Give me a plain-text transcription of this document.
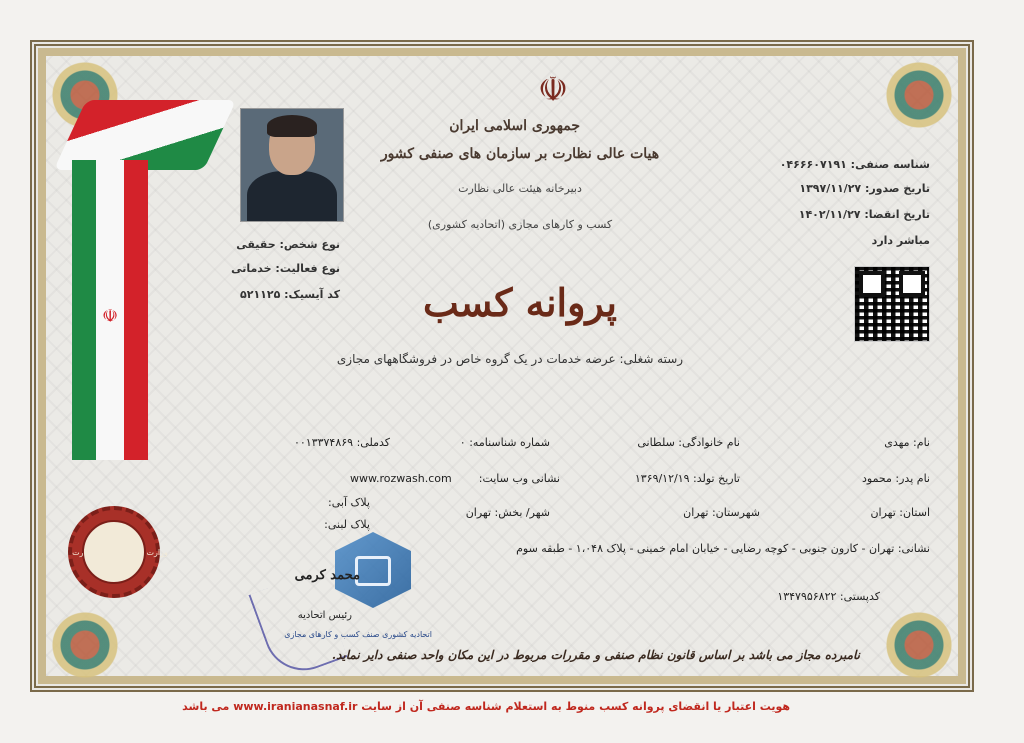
☫
☫
جمهوری اسلامی ایران
هیات عالی نظارت بر سازمان های صنفی کشور
دبیرخانه هیئت عالی نظارت
کسب و کارهای مجازی (اتحادیه کشوری)
پروانه کسب
رسته شغلی: عرضه خدمات در یک گروه خاص در فروشگاههای مجازی
نوع شخص: حقیقی
نوع فعالیت: خدماتی
کد آیسیک: ۵۲۱۱۲۵
شناسه صنفی: ۰۴۶۶۶۰۷۱۹۱
تاریخ صدور: ۱۳۹۷/۱۱/۲۷
تاریخ انقضا: ۱۴۰۲/۱۱/۲۷
مباشر دارد
نام: مهدی
نام خانوادگی: سلطانی
شماره شناسنامه: ۰
کدملی: ۰۰۱۳۳۷۴۸۶۹
نام پدر: محمود
تاریخ تولد: ۱۳۶۹/۱۲/۱۹
نشانی وب سایت:
www.rozwash.com
استان: تهران
شهرستان: تهران
شهر/ بخش: تهران
پلاک آبی:
پلاک لبنی:
نشانی: تهران - کارون جنوبی - کوچه رضایی - خیابان امام خمینی - پلاک ۱،۰۴۸ - طبقه سوم
کدپستی: ۱۳۴۷۹۵۶۸۲۲
محمد کرمی
رئیس اتحادیه
اتحادیه کشوری صنف کسب و کارهای مجازی
وزارت صنعت معدن و تجارت
نامبرده مجاز می باشد بر اساس قانون نظام صنفی و مقررات مربوط در این مکان واحد صنفی دایر نماید.
هویت اعتبار یا انقضای پروانه کسب منوط به استعلام شناسه صنفی آن از سایت www.iranianasnaf.ir می باشد
